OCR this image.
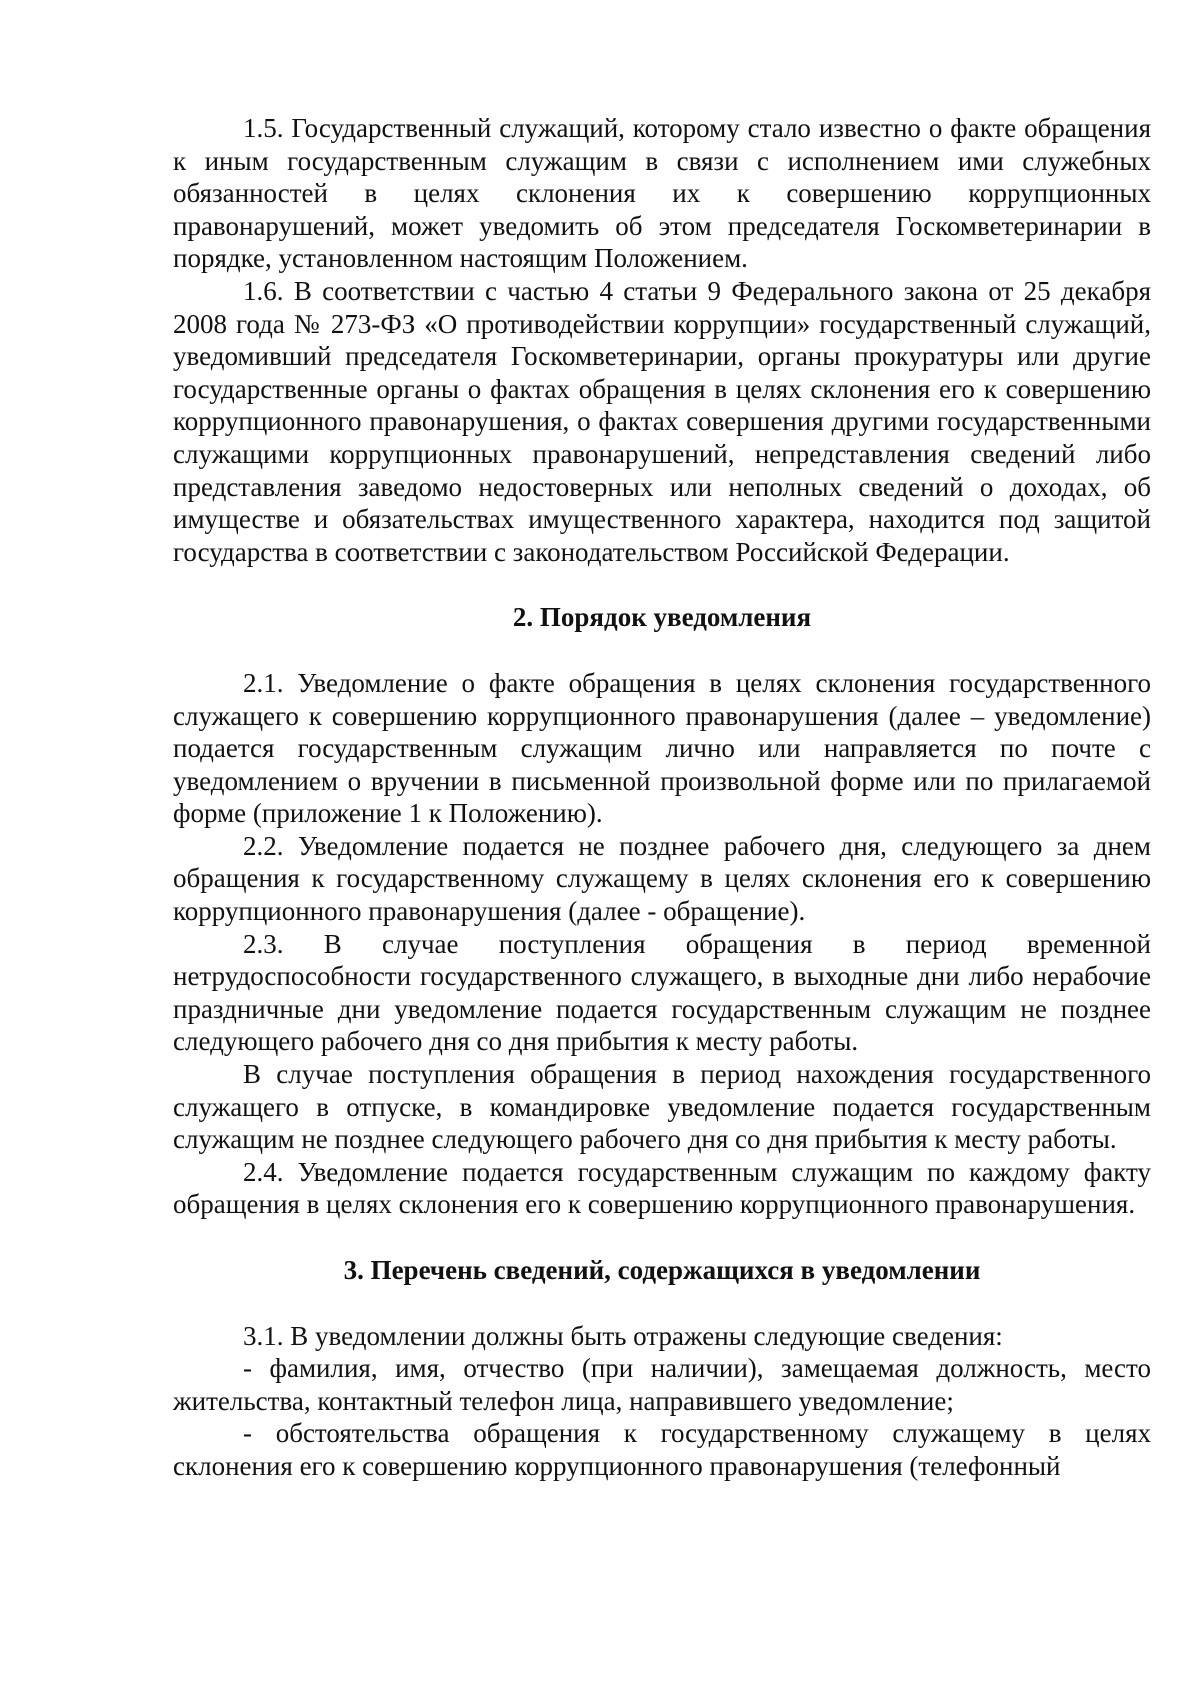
1.5. Государственный служащий, которому стало известно о факте обращения к иным государственным служащим в связи с исполнением ими служебных обязанностей в целях склонения их к совершению коррупционных правонарушений, может уведомить об этом председателя Госкомветеринарии в порядке, установленном настоящим Положением.

1.6. В соответствии с частью 4 статьи 9 Федерального закона от 25 декабря 2008 года № 273-ФЗ «О противодействии коррупции» государственный служащий, уведомивший председателя Госкомветеринарии, органы прокуратуры или другие государственные органы о фактах обращения в целях склонения его к совершению коррупционного правонарушения, о фактах совершения другими государственными служащими коррупционных правонарушений, непредставления сведений либо представления заведомо недостоверных или неполных сведений о доходах, об имуществе и обязательствах имущественного характера, находится под защитой государства в соответствии с законодательством Российской Федерации.

2. Порядок уведомления

2.1. Уведомление о факте обращения в целях склонения государственного служащего к совершению коррупционного правонарушения (далее – уведомление) подается государственным служащим лично или направляется по почте с уведомлением о вручении в письменной произвольной форме или по прилагаемой форме (приложение 1 к Положению).

2.2. Уведомление подается не позднее рабочего дня, следующего за днем обращения к государственному служащему в целях склонения его к совершению коррупционного правонарушения (далее - обращение).

2.3. В случае поступления обращения в период временной нетрудоспособности государственного служащего, в выходные дни либо нерабочие праздничные дни уведомление подается государственным служащим не позднее следующего рабочего дня со дня прибытия к месту работы.

В случае поступления обращения в период нахождения государственного служащего в отпуске, в командировке уведомление подается государственным служащим не позднее следующего рабочего дня со дня прибытия к месту работы.

2.4. Уведомление подается государственным служащим по каждому факту обращения в целях склонения его к совершению коррупционного правонарушения.

3. Перечень сведений, содержащихся в уведомлении

3.1. В уведомлении должны быть отражены следующие сведения:

- фамилия, имя, отчество (при наличии), замещаемая должность, место жительства, контактный телефон лица, направившего уведомление;

- обстоятельства обращения к государственному служащему в целях склонения его к совершению коррупционного правонарушения (телефонный
